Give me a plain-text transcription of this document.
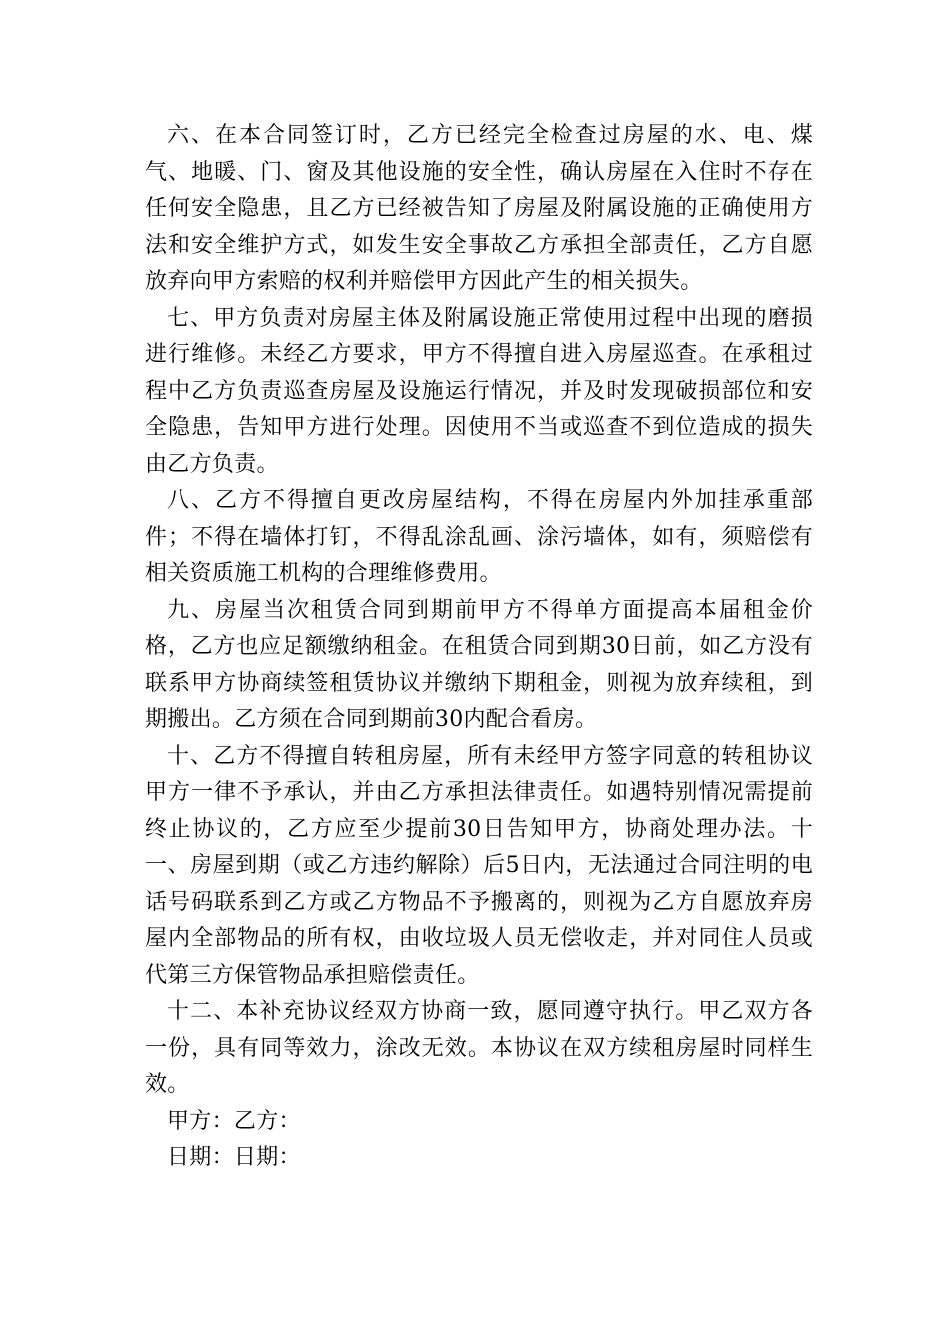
六、在本合同签订时，乙方已经完全检查过房屋的水、电、煤气、地暖、门、窗及其他设施的安全性，确认房屋在入住时不存在任何安全隐患，且乙方已经被告知了房屋及附属设施的正确使用方法和安全维护方式，如发生安全事故乙方承担全部责任，乙方自愿放弃向甲方索赔的权利并赔偿甲方因此产生的相关损失。

七、甲方负责对房屋主体及附属设施正常使用过程中出现的磨损进行维修。未经乙方要求，甲方不得擅自进入房屋巡查。在承租过程中乙方负责巡查房屋及设施运行情况，并及时发现破损部位和安全隐患，告知甲方进行处理。因使用不当或巡查不到位造成的损失由乙方负责。

八、乙方不得擅自更改房屋结构，不得在房屋内外加挂承重部件；不得在墙体打钉，不得乱涂乱画、涂污墙体，如有，须赔偿有相关资质施工机构的合理维修费用。

九、房屋当次租赁合同到期前甲方不得单方面提高本届租金价格，乙方也应足额缴纳租金。在租赁合同到期30日前，如乙方没有联系甲方协商续签租赁协议并缴纳下期租金，则视为放弃续租，到期搬出。乙方须在合同到期前30内配合看房。

十、乙方不得擅自转租房屋，所有未经甲方签字同意的转租协议甲方一律不予承认，并由乙方承担法律责任。如遇特别情况需提前终止协议的，乙方应至少提前30日告知甲方，协商处理办法。十一、房屋到期（或乙方违约解除）后5日内，无法通过合同注明的电话号码联系到乙方或乙方物品不予搬离的，则视为乙方自愿放弃房屋内全部物品的所有权，由收垃圾人员无偿收走，并对同住人员或代第三方保管物品承担赔偿责任。

十二、本补充协议经双方协商一致，愿同遵守执行。甲乙双方各一份，具有同等效力，涂改无效。本协议在双方续租房屋时同样生效。

甲方：乙方：

日期：日期：
